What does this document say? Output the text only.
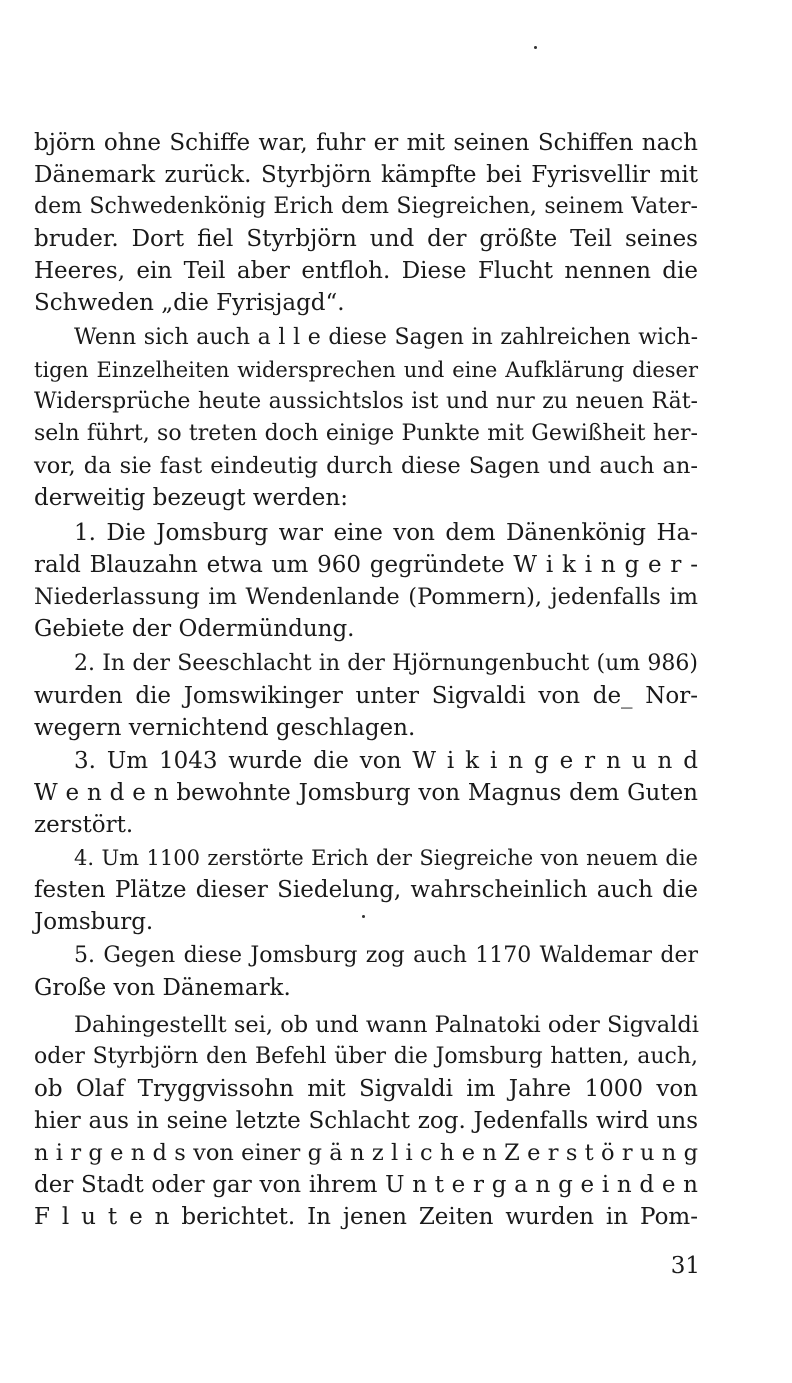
björn ohne Schiffe war, fuhr er mit seinen Schiffen nach
Dänemark zurück. Styrbjörn kämpfte bei Fyrisvellir mit
dem Schwedenkönig Erich dem Siegreichen, seinem Vater-
bruder. Dort fiel Styrbjörn und der größte Teil seines
Heeres, ein Teil aber entfloh. Diese Flucht nennen die
Schweden „die Fyrisjagd“.
Wenn sich auch a l l e diese Sagen in zahlreichen wich-
tigen Einzelheiten widersprechen und eine Aufklärung dieser
Widersprüche heute aussichtslos ist und nur zu neuen Rät-
seln führt, so treten doch einige Punkte mit Gewißheit her-
vor, da sie fast eindeutig durch diese Sagen und auch an-
derweitig bezeugt werden:
1. Die Jomsburg war eine von dem Dänenkönig Ha-
rald Blauzahn etwa um 960 gegründete W i k i n g e r -
Niederlassung im Wendenlande (Pommern), jedenfalls im
Gebiete der Odermündung.
2. In der Seeschlacht in der Hjörnungenbucht (um 986)
wurden die Jomswikinger unter Sigvaldi von de_ Nor-
wegern vernichtend geschlagen.
3. Um 1043 wurde die von W i k i n g e r n u n d
W e n d e n bewohnte Jomsburg von Magnus dem Guten
zerstört.
4. Um 1100 zerstörte Erich der Siegreiche von neuem die
festen Plätze dieser Siedelung, wahrscheinlich auch die
Jomsburg.
5. Gegen diese Jomsburg zog auch 1170 Waldemar der
Große von Dänemark.
Dahingestellt sei, ob und wann Palnatoki oder Sigvaldi
oder Styrbjörn den Befehl über die Jomsburg hatten, auch,
ob Olaf Tryggvissohn mit Sigvaldi im Jahre 1000 von
hier aus in seine letzte Schlacht zog. Jedenfalls wird uns
n i r g e n d s von einer g ä n z l i c h e n Z e r s t ö r u n g
der Stadt oder gar von ihrem U n t e r g a n g e i n d e n
F l u t e n berichtet. In jenen Zeiten wurden in Pom-
31
